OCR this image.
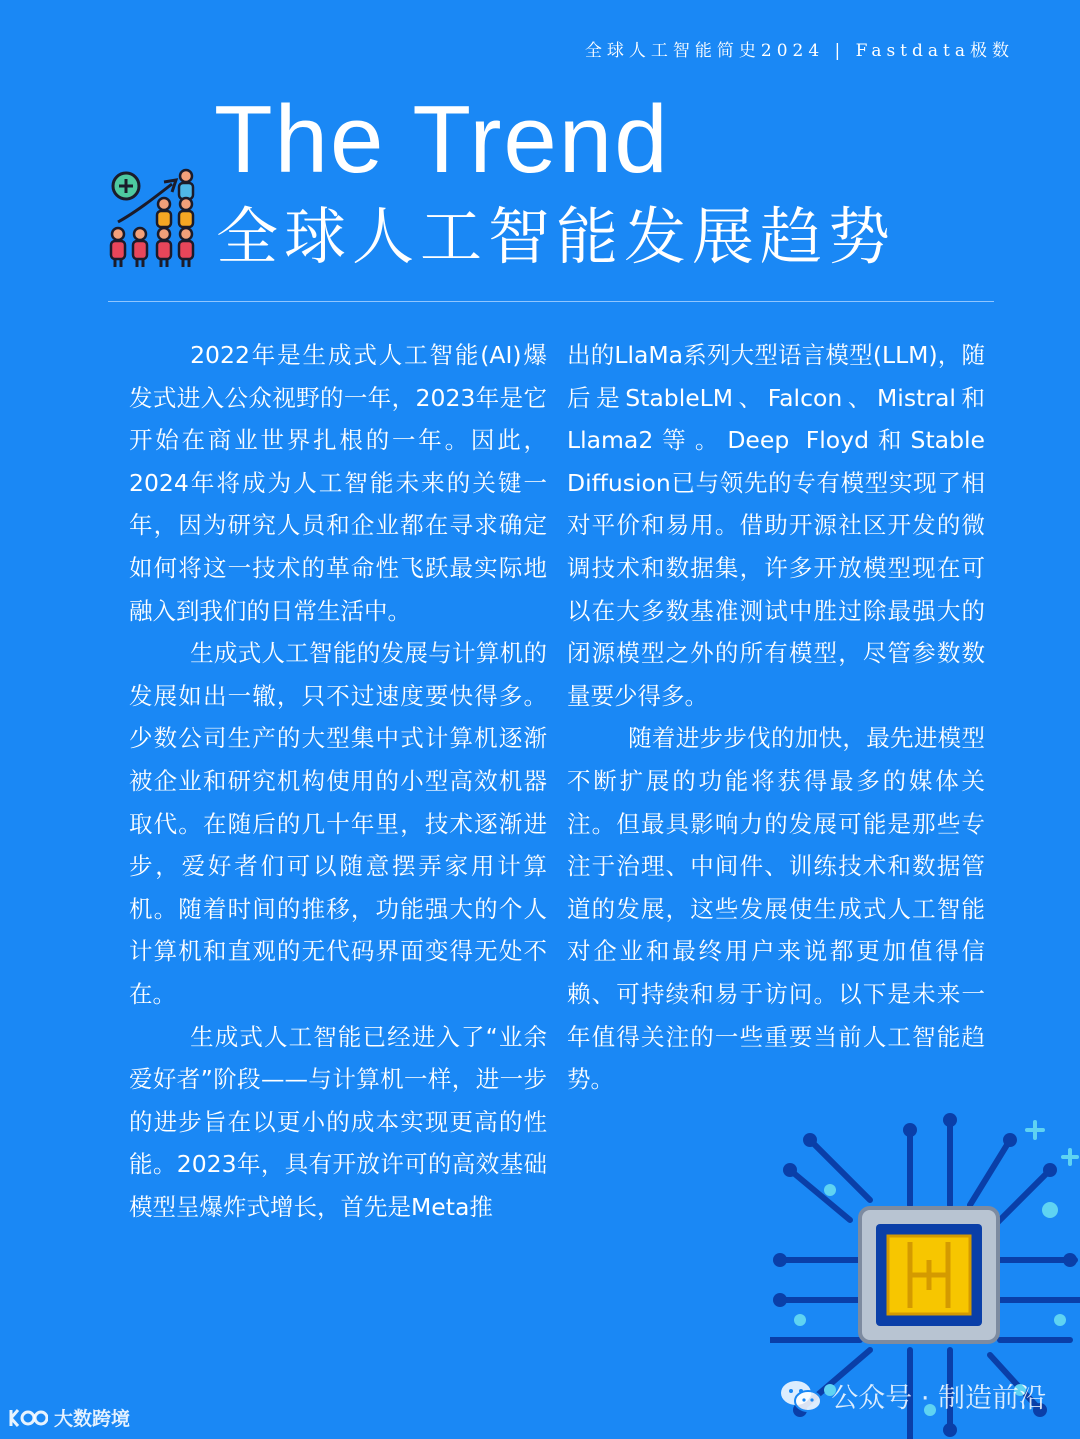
全球人工智能简史2024 | Fastdata极数
The Trend
全球人工智能发展趋势

2022年是生成式人工智能(AI)爆发式进入公众视野的一年，2023年是它开始在商业世界扎根的一年。因此，2024年将成为人工智能未来的关键一年，因为研究人员和企业都在寻求确定如何将这一技术的革命性飞跃最实际地融入到我们的日常生活中。

生成式人工智能的发展与计算机的发展如出一辙，只不过速度要快得多。少数公司生产的大型集中式计算机逐渐被企业和研究机构使用的小型高效机器取代。在随后的几十年里，技术逐渐进步，爱好者们可以随意摆弄家用计算机。随着时间的推移，功能强大的个人计算机和直观的无代码界面变得无处不在。

生成式人工智能已经进入了“业余爱好者”阶段——与计算机一样，进一步的进步旨在以更小的成本实现更高的性能。2023年，具有开放许可的高效基础模型呈爆炸式增长，首先是Meta推

出的LlaMa系列大型语言模型(LLM)，随后是StableLM、Falcon、Mistral和Llama2等。Deep Floyd和Stable Diffusion已与领先的专有模型实现了相对平价和易用。借助开源社区开发的微调技术和数据集，许多开放模型现在可以在大多数基准测试中胜过除最强大的闭源模型之外的所有模型，尽管参数数量要少得多。

随着进步步伐的加快，最先进模型不断扩展的功能将获得最多的媒体关注。但最具影响力的发展可能是那些专注于治理、中间件、训练技术和数据管道的发展，这些发展使生成式人工智能对企业和最终用户来说都更加值得信赖、可持续和易于访问。以下是未来一年值得关注的一些重要当前人工智能趋势。

公众号 · 制造前沿
大数跨境
